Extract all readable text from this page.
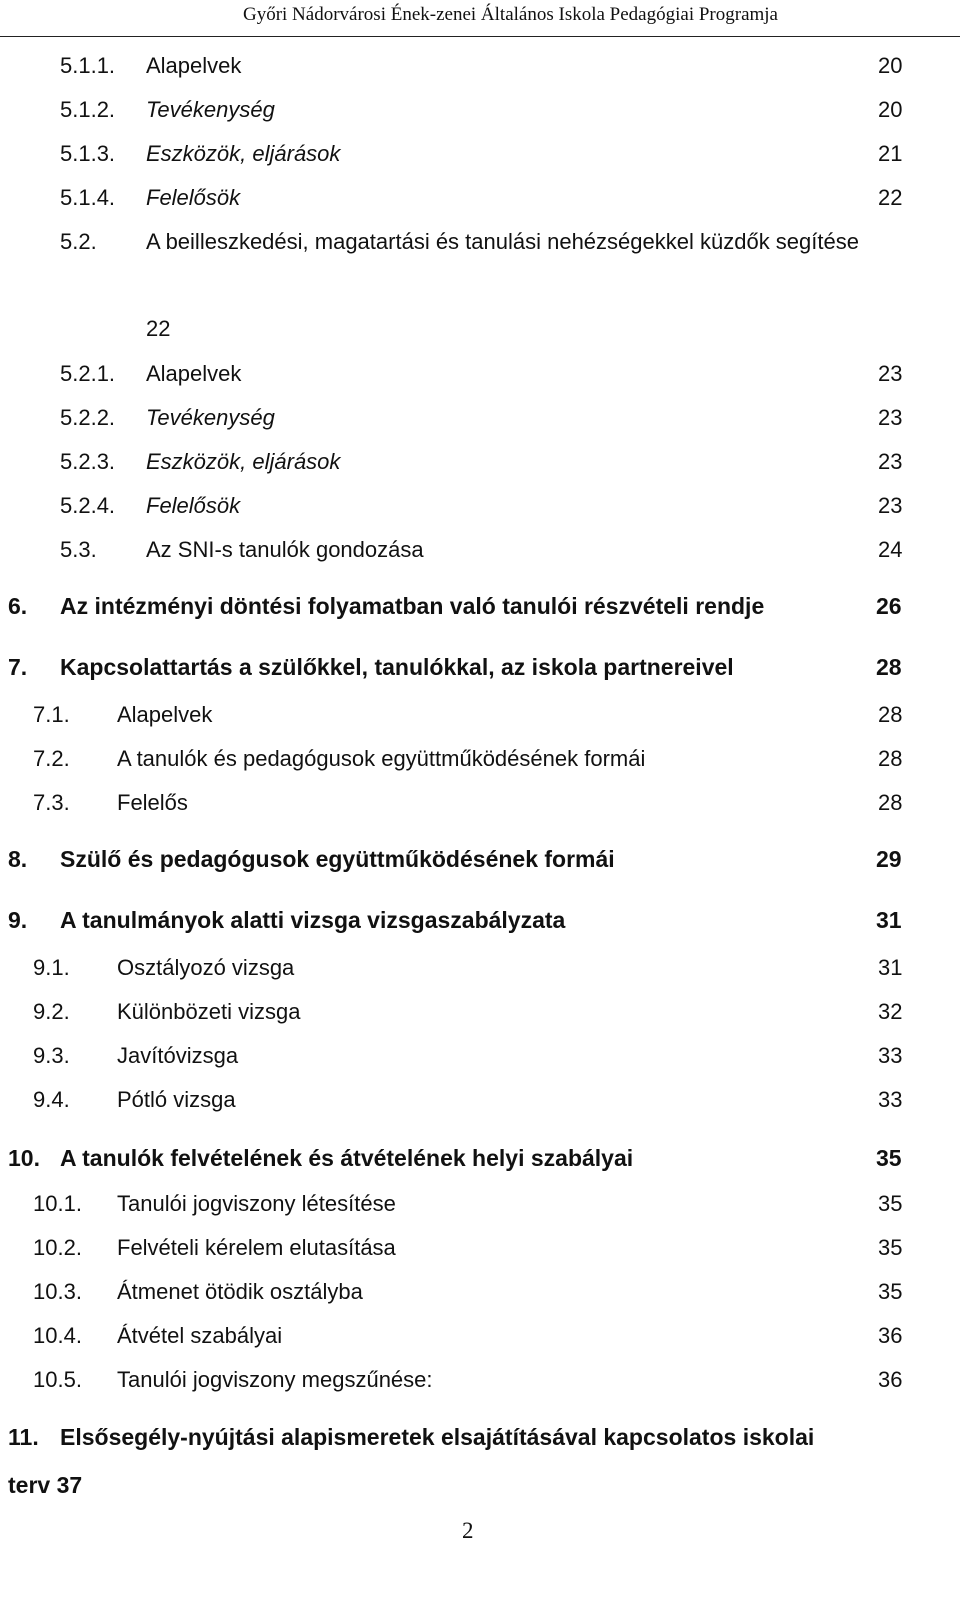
Győri Nádorvárosi Ének-zenei Általános Iskola Pedagógiai Programja
5.1.1. Alapelvek	20
5.1.2. Tevékenység	20
5.1.3. Eszközök, eljárások	21
5.1.4. Felelősök	22
5.2. A beilleszkedési, magatartási és tanulási nehézségekkel küzdők segítése
22
5.2.1. Alapelvek	23
5.2.2. Tevékenység	23
5.2.3. Eszközök, eljárások	23
5.2.4. Felelősök	23
5.3. Az SNI-s tanulók gondozása	24
6. Az intézményi döntési folyamatban való tanulói részvételi rendje	26
7. Kapcsolattartás a szülőkkel, tanulókkal, az iskola partnereivel	28
7.1. Alapelvek	28
7.2. A tanulók és pedagógusok együttműködésének formái	28
7.3. Felelős	28
8. Szülő és pedagógusok együttműködésének formái	29
9. A tanulmányok alatti vizsga vizsgaszabályzata	31
9.1. Osztályozó vizsga	31
9.2. Különbözeti vizsga	32
9.3. Javítóvizsga	33
9.4. Pótló vizsga	33
10. A tanulók felvételének és átvételének helyi szabályai	35
10.1. Tanulói jogviszony létesítése	35
10.2. Felvételi kérelem elutasítása	35
10.3. Átmenet ötödik osztályba	35
10.4. Átvétel szabályai	36
10.5. Tanulói jogviszony megszűnése:	36
11. Elsősegély-nyújtási alapismeretek elsajátításával kapcsolatos iskolai
terv 37
2
